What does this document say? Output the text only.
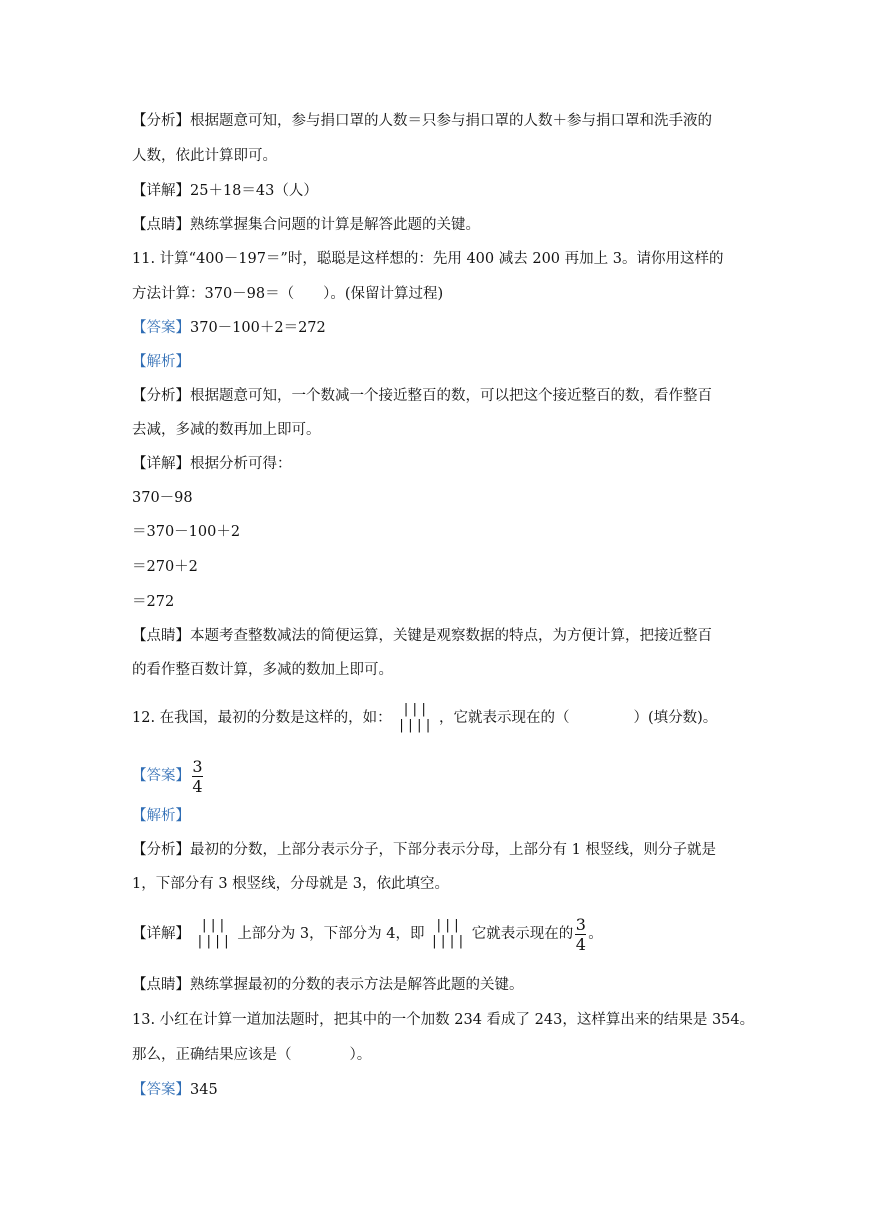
【分析】根据题意可知，参与捐口罩的人数＝只参与捐口罩的人数＋参与捐口罩和洗手液的
人数，依此计算即可。
【详解】25＋18＝43（人）
【点睛】熟练掌握集合问题的计算是解答此题的关键。
11. 计算“400－197＝”时，聪聪是这样想的：先用 400 减去 200 再加上 3。请你用这样的
方法计算：370－98＝（　　）。(保留计算过程)
【答案】370－100＋2＝272
【解析】
【分析】根据题意可知，一个数减一个接近整百的数，可以把这个接近整百的数，看作整百
去减，多减的数再加上即可。
【详解】根据分析可得：
370－98
＝370－100＋2
＝270＋2
＝272
【点睛】本题考查整数减法的简便运算，关键是观察数据的特点，为方便计算，把接近整百
的看作整百数计算，多减的数加上即可。
12. 在我国，最初的分数是这样的，如：
|||
|||| ，它就表示现在的（	）(填分数)。
【答案】 $\frac{3}{4}$
【解析】
【分析】最初的分数，上部分表示分子，下部分表示分母，上部分有 1 根竖线，则分子就是
1，下部分有 3 根竖线，分母就是 3，依此填空。
【详解】
|||
|||| 上部分为 3，下部分为 4，即
|||
|||| 它就表示现在的 $\frac{3}{4}$ 。
【点睛】熟练掌握最初的分数的表示方法是解答此题的关键。
13. 小红在计算一道加法题时，把其中的一个加数 234 看成了 243，这样算出来的结果是 354。
那么，正确结果应该是（　　　　）。
【答案】345
